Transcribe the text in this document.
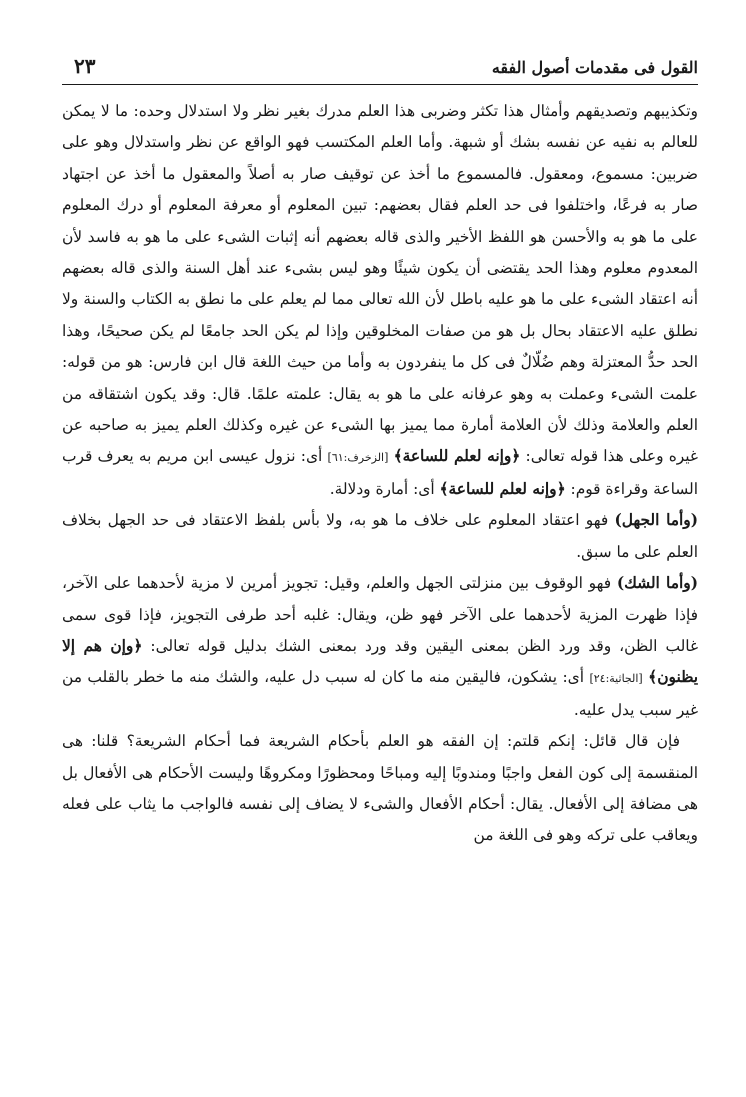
القول فى مقدمات أصول الفقه
٢٣

وتكذيبهم وتصديقهم وأمثال هذا تكثر وضربى هذا العلم مدرك بغير نظر ولا استدلال وحده: ما لا يمكن للعالم به نفيه عن نفسه بشك أو شبهة. وأما العلم المكتسب فهو الواقع عن نظر واستدلال وهو على ضربين: مسموع، ومعقول. فالمسموع ما أخذ عن توقيف صار به أصلاً والمعقول ما أخذ عن اجتهاد صار به فرعًا، واختلفوا فى حد العلم فقال بعضهم: تبين المعلوم أو معرفة المعلوم أو درك المعلوم على ما هو به والأحسن هو اللفظ الأخير والذى قاله بعضهم أنه إثبات الشىء على ما هو به فاسد لأن المعدوم معلوم وهذا الحد يقتضى أن يكون شيئًا وهو ليس بشىء عند أهل السنة والذى قاله بعضهم أنه اعتقاد الشىء على ما هو عليه باطل لأن الله تعالى مما لم يعلم على ما نطق به الكتاب والسنة ولا نطلق عليه الاعتقاد بحال بل هو من صفات المخلوقين وإذا لم يكن الحد جامعًا لم يكن صحيحًا، وهذا الحد حدُّ المعتزلة وهم ضُلّالٌ فى كل ما ينفردون به وأما من حيث اللغة قال ابن فارس: هو من قوله: علمت الشىء وعملت به وهو عرفانه على ما هو به يقال: علمته علمًا. قال: وقد يكون اشتقاقه من العلم والعلامة وذلك لأن العلامة أمارة مما يميز بها الشىء عن غيره وكذلك العلم يميز به صاحبه عن غيره وعلى هذا قوله تعالى: ﴿وإنه لعلم للساعة﴾ [الزخرف:٦١] أى: نزول عيسى ابن مريم به يعرف قرب الساعة وقراءة قوم: ﴿وإنه لعلم للساعة﴾ أى: أمارة ودلالة.

(وأما الجهل) فهو اعتقاد المعلوم على خلاف ما هو به، ولا بأس بلفظ الاعتقاد فى حد الجهل بخلاف العلم على ما سبق.

(وأما الشك) فهو الوقوف بين منزلتى الجهل والعلم، وقيل: تجويز أمرين لا مزية لأحدهما على الآخر، فإذا ظهرت المزية لأحدهما على الآخر فهو ظن، ويقال: غلبه أحد طرفى التجويز، فإذا قوى سمى غالب الظن، وقد ورد الظن بمعنى اليقين وقد ورد بمعنى الشك بدليل قوله تعالى: ﴿وإن هم إلا يظنون﴾ [الجاثية:٢٤] أى: يشكون، فاليقين منه ما كان له سبب دل عليه، والشك منه ما خطر بالقلب من غير سبب يدل عليه.

فإن قال قائل: إنكم قلتم: إن الفقه هو العلم بأحكام الشريعة فما أحكام الشريعة؟ قلنا: هى المنقسمة إلى كون الفعل واجبًا ومندوبًا إليه ومباحًا ومحظورًا ومكروهًا وليست الأحكام هى الأفعال بل هى مضافة إلى الأفعال. يقال: أحكام الأفعال والشىء لا يضاف إلى نفسه فالواجب ما يثاب على فعله ويعاقب على تركه وهو فى اللغة من
